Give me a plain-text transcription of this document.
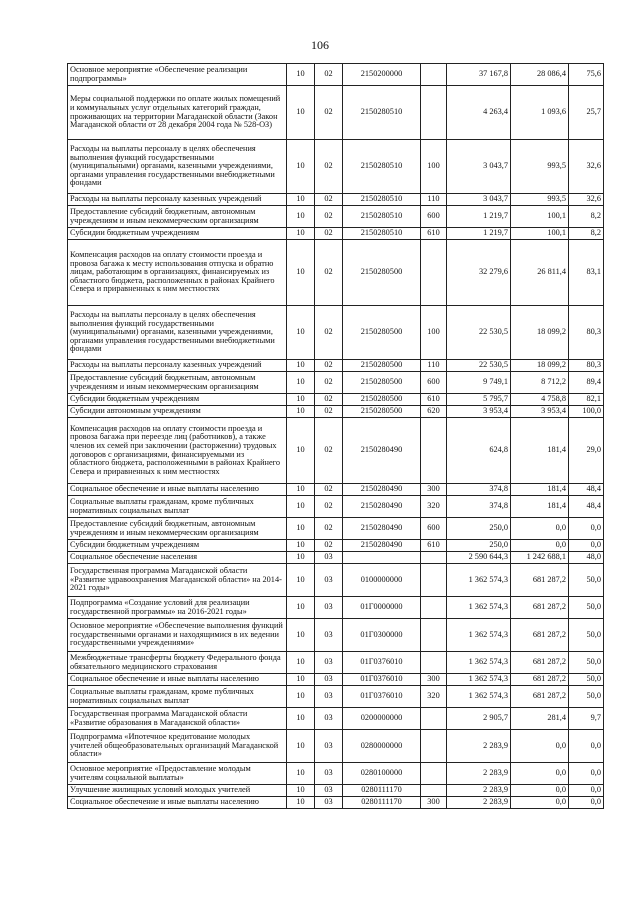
106
Основное мероприятие «Обеспечение реализации подпрограммы»	10	02	2150200000		37 167,8	28 086,4	75,6
Меры социальной поддержки по оплате жилых помещений и коммунальных услуг отдельных категорий граждан, проживающих на территории Магаданской области (Закон Магаданской области от 28 декабря 2004 года № 528-ОЗ)	10	02	2150280510		4 263,4	1 093,6	25,7
Расходы на выплаты персоналу в целях обеспечения выполнения функций государственными (муниципальными) органами, казенными учреждениями, органами управления государственными внебюджетными фондами	10	02	2150280510	100	3 043,7	993,5	32,6
Расходы на выплаты персоналу казенных учреждений	10	02	2150280510	110	3 043,7	993,5	32,6
Предоставление субсидий бюджетным, автономным учреждениям и иным некоммерческим организациям	10	02	2150280510	600	1 219,7	100,1	8,2
Субсидии бюджетным учреждениям	10	02	2150280510	610	1 219,7	100,1	8,2
Компенсация расходов на оплату стоимости проезда и провоза багажа к месту использования отпуска и обратно лицам, работающим в организациях, финансируемых из областного бюджета, расположенных в районах Крайнего Севера и приравненных к ним местностях	10	02	2150280500		32 279,6	26 811,4	83,1
Расходы на выплаты персоналу в целях обеспечения выполнения функций государственными (муниципальными) органами, казенными учреждениями, органами управления государственными внебюджетными фондами	10	02	2150280500	100	22 530,5	18 099,2	80,3
Расходы на выплаты персоналу казенных учреждений	10	02	2150280500	110	22 530,5	18 099,2	80,3
Предоставление субсидий бюджетным, автономным учреждениям и иным некоммерческим организациям	10	02	2150280500	600	9 749,1	8 712,2	89,4
Субсидии бюджетным учреждениям	10	02	2150280500	610	5 795,7	4 758,8	82,1
Субсидии автономным учреждениям	10	02	2150280500	620	3 953,4	3 953,4	100,0
Компенсация расходов на оплату стоимости проезда и провоза багажа при переезде лиц (работников), а также членов их семей при заключении (расторжении) трудовых договоров с организациями, финансируемыми из областного бюджета, расположенными в районах Крайнего Севера и приравненных к ним местностях	10	02	2150280490		624,8	181,4	29,0
Социальное обеспечение и иные выплаты населению	10	02	2150280490	300	374,8	181,4	48,4
Социальные выплаты гражданам, кроме публичных нормативных социальных выплат	10	02	2150280490	320	374,8	181,4	48,4
Предоставление субсидий бюджетным, автономным учреждениям и иным некоммерческим организациям	10	02	2150280490	600	250,0	0,0	0,0
Субсидии бюджетным учреждениям	10	02	2150280490	610	250,0	0,0	0,0
Социальное обеспечение населения	10	03			2 590 644,3	1 242 688,1	48,0
Государственная программа Магаданской области «Развитие здравоохранения Магаданской области» на 2014-2021 годы»	10	03	0100000000		1 362 574,3	681 287,2	50,0
Подпрограмма «Создание условий для реализации государственной программы» на 2016-2021 годы»	10	03	01Г0000000		1 362 574,3	681 287,2	50,0
Основное мероприятие «Обеспечение выполнения функций государственными органами и находящимися в их ведении государственными учреждениями»	10	03	01Г0300000		1 362 574,3	681 287,2	50,0
Межбюджетные трансферты бюджету Федерального фонда обязательного медицинского страхования	10	03	01Г0376010		1 362 574,3	681 287,2	50,0
Социальное обеспечение и иные выплаты населению	10	03	01Г0376010	300	1 362 574,3	681 287,2	50,0
Социальные выплаты гражданам, кроме публичных нормативных социальных выплат	10	03	01Г0376010	320	1 362 574,3	681 287,2	50,0
Государственная программа Магаданской области «Развитие образования в Магаданской области»	10	03	0200000000		2 905,7	281,4	9,7
Подпрограмма «Ипотечное кредитование молодых учителей общеобразовательных организаций Магаданской области»	10	03	0280000000		2 283,9	0,0	0,0
Основное мероприятие «Предоставление молодым учителям социальной выплаты»	10	03	0280100000		2 283,9	0,0	0,0
Улучшение жилищных условий молодых учителей	10	03	0280111170		2 283,9	0,0	0,0
Социальное обеспечение и иные выплаты населению	10	03	0280111170	300	2 283,9	0,0	0,0
